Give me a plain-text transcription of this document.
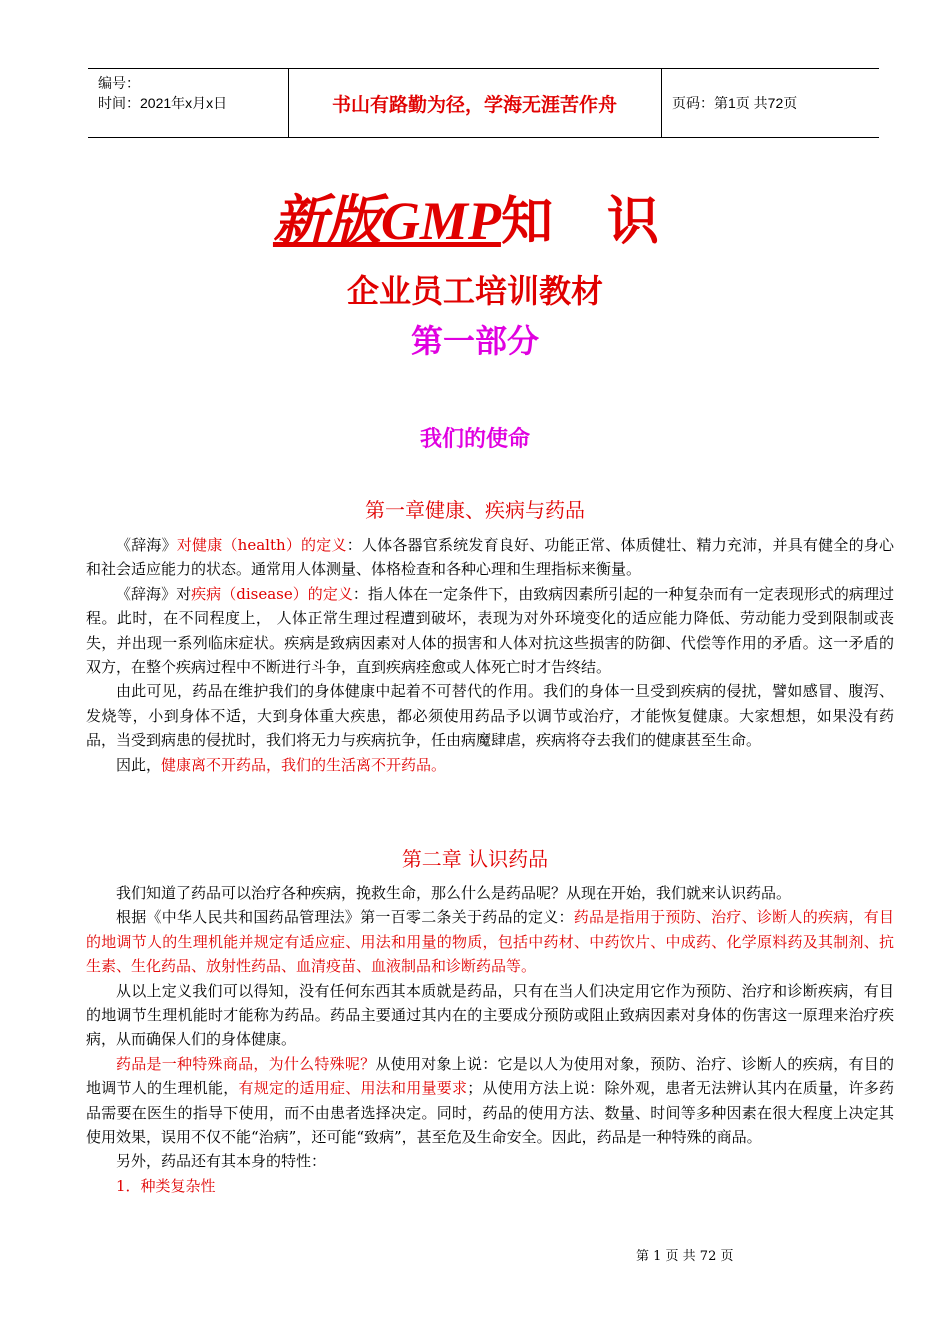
编号：
时间：2021年x月x日	书山有路勤为径，学海无涯苦作舟	页码：第1页 共72页
新版GMP知 识
企业员工培训教材
第一部分
我们的使命
第一章健康、疾病与药品

《辞海》对健康（health）的定义：人体各器官系统发育良好、功能正常、体质健壮、精力充沛，并具有健全的身心和社会适应能力的状态。通常用人体测量、体格检查和各种心理和生理指标来衡量。

《辞海》对疾病（disease）的定义：指人体在一定条件下，由致病因素所引起的一种复杂而有一定表现形式的病理过程。此时，在不同程度上， 人体正常生理过程遭到破坏，表现为对外环境变化的适应能力降低、劳动能力受到限制或丧失，并出现一系列临床症状。疾病是致病因素对人体的损害和人体对抗这些损害的防御、代偿等作用的矛盾。这一矛盾的双方，在整个疾病过程中不断进行斗争，直到疾病痊愈或人体死亡时才告终结。

由此可见，药品在维护我们的身体健康中起着不可替代的作用。我们的身体一旦受到疾病的侵扰，譬如感冒、腹泻、发烧等，小到身体不适，大到身体重大疾患，都必须使用药品予以调节或治疗，才能恢复健康。大家想想，如果没有药品，当受到病患的侵扰时，我们将无力与疾病抗争，任由病魔肆虐，疾病将夺去我们的健康甚至生命。

因此，健康离不开药品，我们的生活离不开药品。

第二章 认识药品

我们知道了药品可以治疗各种疾病，挽救生命，那么什么是药品呢？从现在开始，我们就来认识药品。

根据《中华人民共和国药品管理法》第一百零二条关于药品的定义：药品是指用于预防、治疗、诊断人的疾病，有目的地调节人的生理机能并规定有适应症、用法和用量的物质，包括中药材、中药饮片、中成药、化学原料药及其制剂、抗生素、生化药品、放射性药品、血清疫苗、血液制品和诊断药品等。

从以上定义我们可以得知，没有任何东西其本质就是药品，只有在当人们决定用它作为预防、治疗和诊断疾病，有目的地调节生理机能时才能称为药品。药品主要通过其内在的主要成分预防或阻止致病因素对身体的伤害这一原理来治疗疾病，从而确保人们的身体健康。

药品是一种特殊商品，为什么特殊呢？从使用对象上说：它是以人为使用对象，预防、治疗、诊断人的疾病，有目的地调节人的生理机能，有规定的适用症、用法和用量要求；从使用方法上说：除外观，患者无法辨认其内在质量，许多药品需要在医生的指导下使用，而不由患者选择决定。同时，药品的使用方法、数量、时间等多种因素在很大程度上决定其使用效果，误用不仅不能“治病”，还可能“致病”，甚至危及生命安全。因此，药品是一种特殊的商品。

另外，药品还有其本身的特性：

1．种类复杂性

第 1 页 共 72 页
